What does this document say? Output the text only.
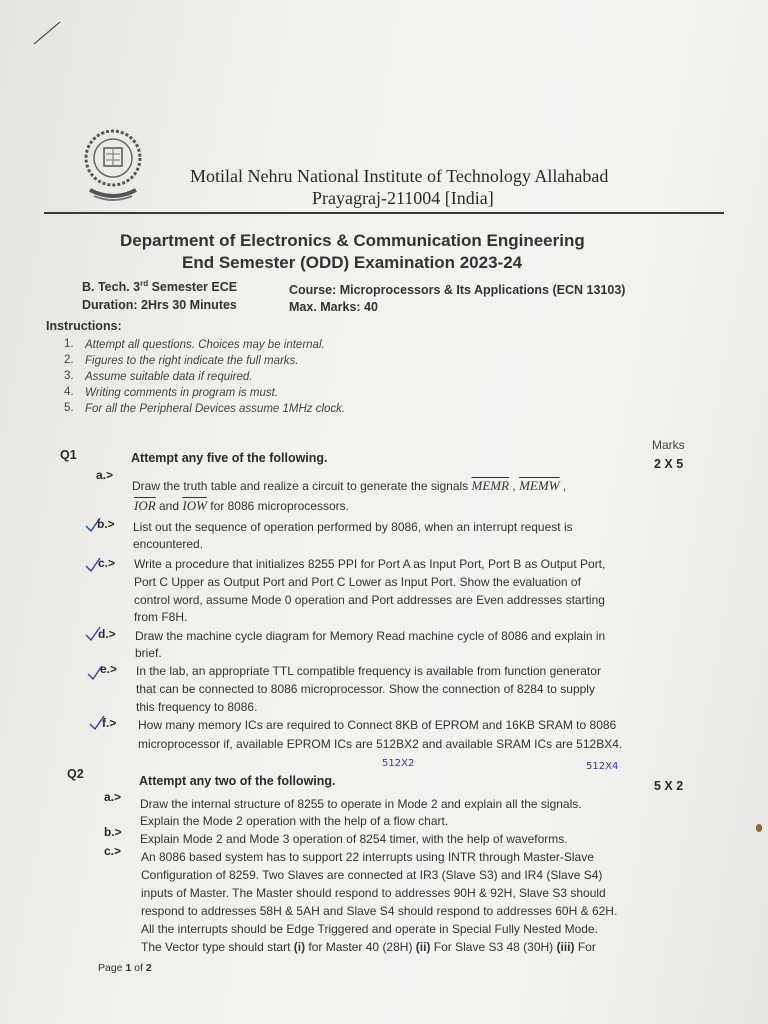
Motilal Nehru National Institute of Technology Allahabad
Prayagraj-211004 [India]
Department of Electronics & Communication Engineering
End Semester (ODD) Examination 2023-24
B. Tech. 3rd Semester ECE	Course: Microprocessors & Its Applications (ECN 13103)
Duration: 2Hrs 30 Minutes	Max. Marks: 40
Instructions:
1. Attempt all questions. Choices may be internal.
2. Figures to the right indicate the full marks.
3. Assume suitable data if required.
4. Writing comments in program is must.
5. For all the Peripheral Devices assume 1MHz clock.
Marks
Q1	Attempt any five of the following.	2 X 5
a.>
Draw the truth table and realize a circuit to generate the signals MEMR , MEMW ,
$\overline{IOR}$ and $\overline{IOW}$ for 8086 microprocessors.
b.> List out the sequence of operation performed by 8086, when an interrupt request is
encountered.
c.> Write a procedure that initializes 8255 PPI for Port A as Input Port, Port B as Output Port,
Port C Upper as Output Port and Port C Lower as Input Port. Show the evaluation of
control word, assume Mode 0 operation and Port addresses are Even addresses starting
from F8H.
d.> Draw the machine cycle diagram for Memory Read machine cycle of 8086 and explain in
brief.
e.> In the lab, an appropriate TTL compatible frequency is available from function generator
that can be connected to 8086 microprocessor. Show the connection of 8284 to supply
this frequency to 8086.
f.> How many memory ICs are required to Connect 8KB of EPROM and 16KB SRAM to 8086
microprocessor if, available EPROM ICs are 512BX2 and available SRAM ICs are 512BX4.
512X2	512X4
Q2	Attempt any two of the following.	5 X 2
a.> Draw the internal structure of 8255 to operate in Mode 2 and explain all the signals.
Explain the Mode 2 operation with the help of a flow chart.
b.> Explain Mode 2 and Mode 3 operation of 8254 timer, with the help of waveforms.
c.> An 8086 based system has to support 22 interrupts using INTR through Master-Slave
Configuration of 8259. Two Slaves are connected at IR3 (Slave S3) and IR4 (Slave S4)
inputs of Master. The Master should respond to addresses 90H & 92H, Slave S3 should
respond to addresses 58H & 5AH and Slave S4 should respond to addresses 60H & 62H.
All the interrupts should be Edge Triggered and operate in Special Fully Nested Mode.
The Vector type should start (i) for Master 40 (28H) (ii) For Slave S3 48 (30H) (iii) For
Page 1 of 2
